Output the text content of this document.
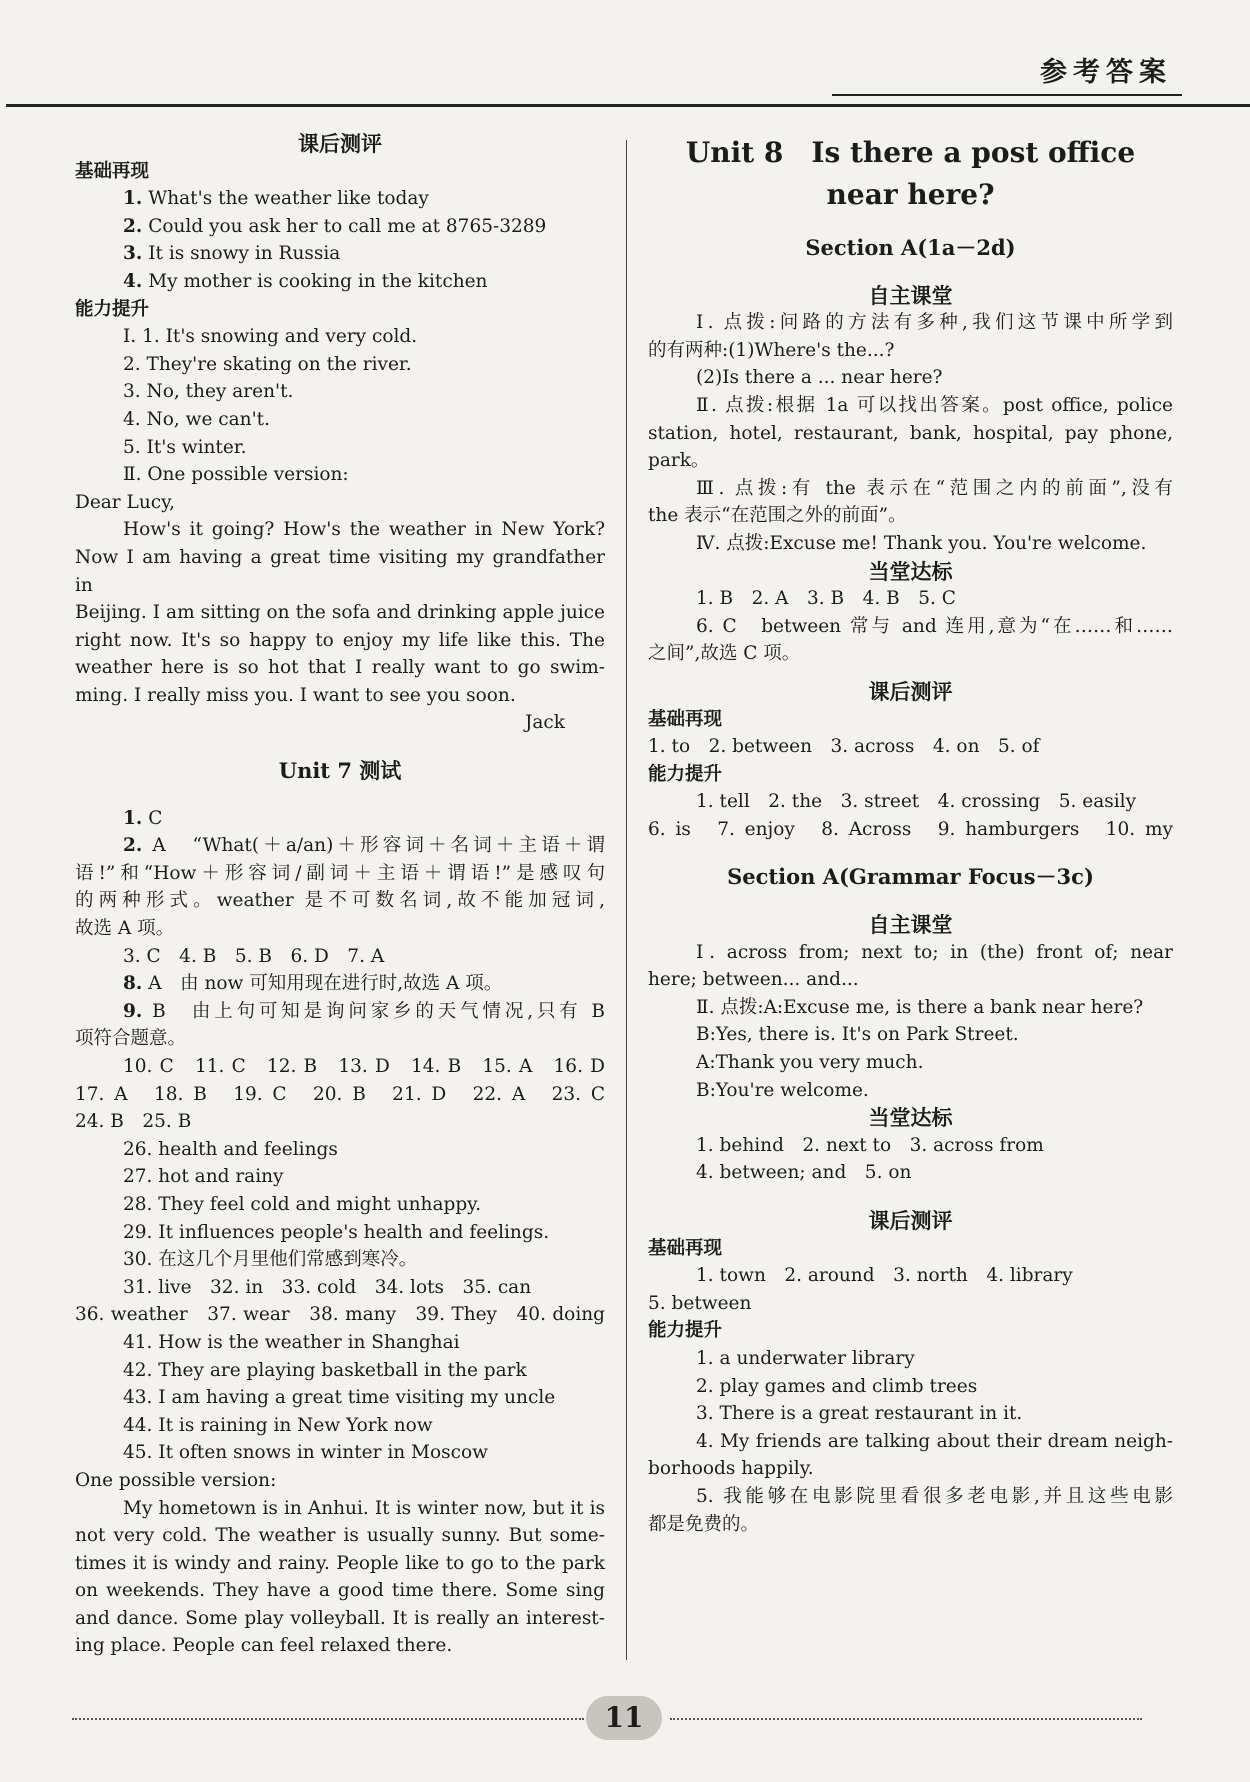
参考答案
课后测评
基础再现
1. What's the weather like today
2. Could you ask her to call me at 8765-3289
3. It is snowy in Russia
4. My mother is cooking in the kitchen
能力提升
Ⅰ. 1. It's snowing and very cold.
2. They're skating on the river.
3. No, they aren't.
4. No, we can't.
5. It's winter.
Ⅱ. One possible version:
Dear Lucy,
How's it going? How's the weather in New York?
Now I am having a great time visiting my grandfather in
Beijing. I am sitting on the sofa and drinking apple juice
right now. It's so happy to enjoy my life like this. The
weather here is so hot that I really want to go swim-
ming. I really miss you. I want to see you soon.
Jack
Unit 7 测试
1. C
2. A　“What(＋a/an)＋形容词＋名词＋主语＋谓
语!”和“How＋形容词/副词＋主语＋谓语!”是感叹句
的两种形式。weather 是不可数名词,故不能加冠词,
故选 A 项。
3. C　4. B　5. B　6. D　7. A
8. A　由 now 可知用现在进行时,故选 A 项。
9. B　由上句可知是询问家乡的天气情况,只有 B
项符合题意。
10. C　11. C　12. B　13. D　14. B　15. A　16. D
17. A　18. B　19. C　20. B　21. D　22. A　23. C
24. B　25. B
26. health and feelings
27. hot and rainy
28. They feel cold and might unhappy.
29. It influences people's health and feelings.
30. 在这几个月里他们常感到寒冷。
31. live　32. in　33. cold　34. lots　35. can
36. weather　37. wear　38. many　39. They　40. doing
41. How is the weather in Shanghai
42. They are playing basketball in the park
43. I am having a great time visiting my uncle
44. It is raining in New York now
45. It often snows in winter in Moscow
One possible version:
My hometown is in Anhui. It is winter now, but it is
not very cold. The weather is usually sunny. But some-
times it is windy and rainy. People like to go to the park
on weekends. They have a good time there. Some sing
and dance. Some play volleyball. It is really an interest-
ing place. People can feel relaxed there.
Unit 8　Is there a post office
near here?
Section A(1a－2d)
自主课堂
Ⅰ. 点拨:问路的方法有多种,我们这节课中所学到
的有两种:(1)Where's the...?
(2)Is there a ... near here?
Ⅱ. 点拨:根据 1a 可以找出答案。post office, police
station, hotel, restaurant, bank, hospital, pay phone,
park。
Ⅲ. 点拨:有 the 表示在“范围之内的前面”,没有
the 表示“在范围之外的前面”。
Ⅳ. 点拨:Excuse me! Thank you. You're welcome.
当堂达标
1. B　2. A　3. B　4. B　5. C
6. C　between 常与 and 连用,意为“在……和……
之间”,故选 C 项。
课后测评
基础再现
1. to　2. between　3. across　4. on　5. of
能力提升
1. tell　2. the　3. street　4. crossing　5. easily
6. is　7. enjoy　8. Across　9. hamburgers　10. my
Section A(Grammar Focus－3c)
自主课堂
Ⅰ. across from; next to; in (the) front of; near
here; between... and...
Ⅱ. 点拨:A:Excuse me, is there a bank near here?
B:Yes, there is. It's on Park Street.
A:Thank you very much.
B:You're welcome.
当堂达标
1. behind　2. next to　3. across from
4. between; and　5. on
课后测评
基础再现
1. town　2. around　3. north　4. library
5. between
能力提升
1. a underwater library
2. play games and climb trees
3. There is a great restaurant in it.
4. My friends are talking about their dream neigh-
borhoods happily.
5. 我能够在电影院里看很多老电影,并且这些电影
都是免费的。
11
